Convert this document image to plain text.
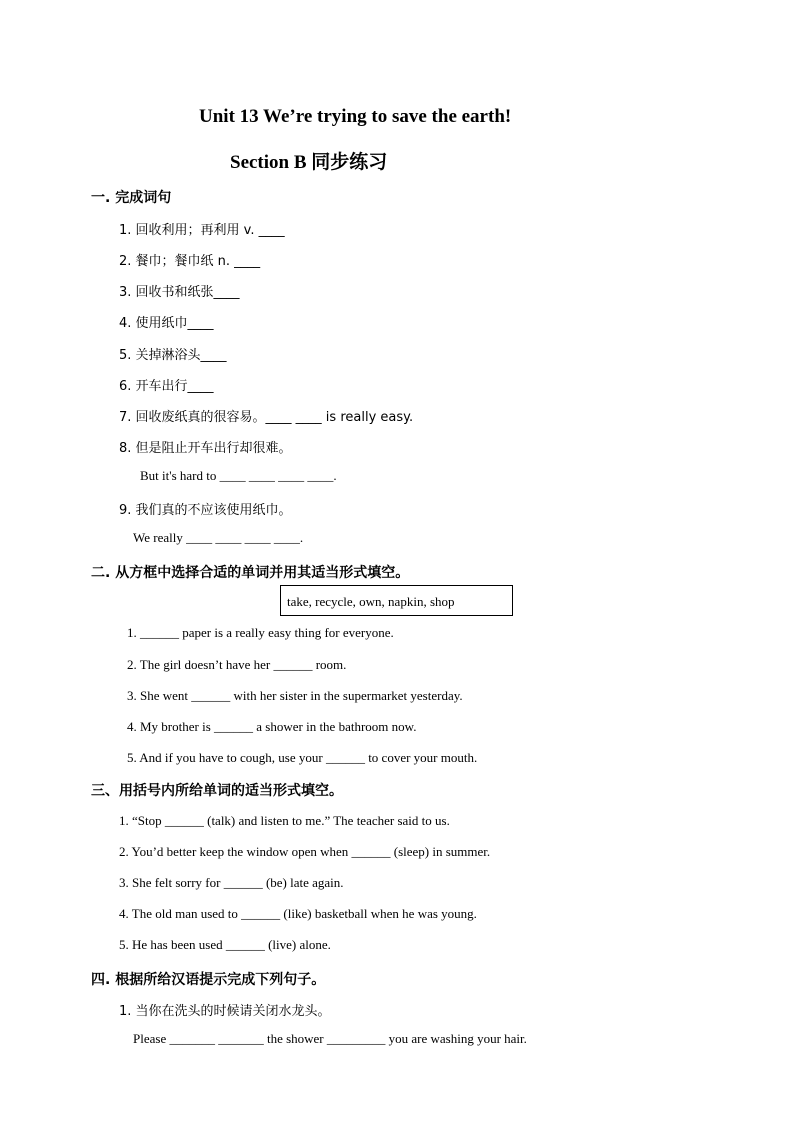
Unit 13 We’re trying to save the earth!
Section B 同步练习
一. 完成词句
1. 回收利用；再利用 v. ____
2. 餐巾；餐巾纸 n. ____
3. 回收书和纸张____
4. 使用纸巾____
5. 关掉淋浴头____
6. 开车出行____
7. 回收废纸真的很容易。____ ____ is really easy.
8. 但是阻止开车出行却很难。
But it's hard to ____ ____ ____ ____.
9. 我们真的不应该使用纸巾。
We really ____ ____ ____ ____.
二. 从方框中选择合适的单词并用其适当形式填空。
take, recycle, own, napkin, shop
1. ______ paper is a really easy thing for everyone.
2. The girl doesn’t have her ______ room.
3. She went ______ with her sister in the supermarket yesterday.
4. My brother is ______ a shower in the bathroom now.
5. And if you have to cough, use your ______ to cover your mouth.
三、用括号内所给单词的适当形式填空。
1. “Stop ______ (talk) and listen to me.” The teacher said to us.
2. You’d better keep the window open when ______ (sleep) in summer.
3. She felt sorry for ______ (be) late again.
4. The old man used to ______ (like) basketball when he was young.
5. He has been used ______ (live) alone.
四. 根据所给汉语提示完成下列句子。
1. 当你在洗头的时候请关闭水龙头。
Please _______ _______ the shower _________ you are washing your hair.
